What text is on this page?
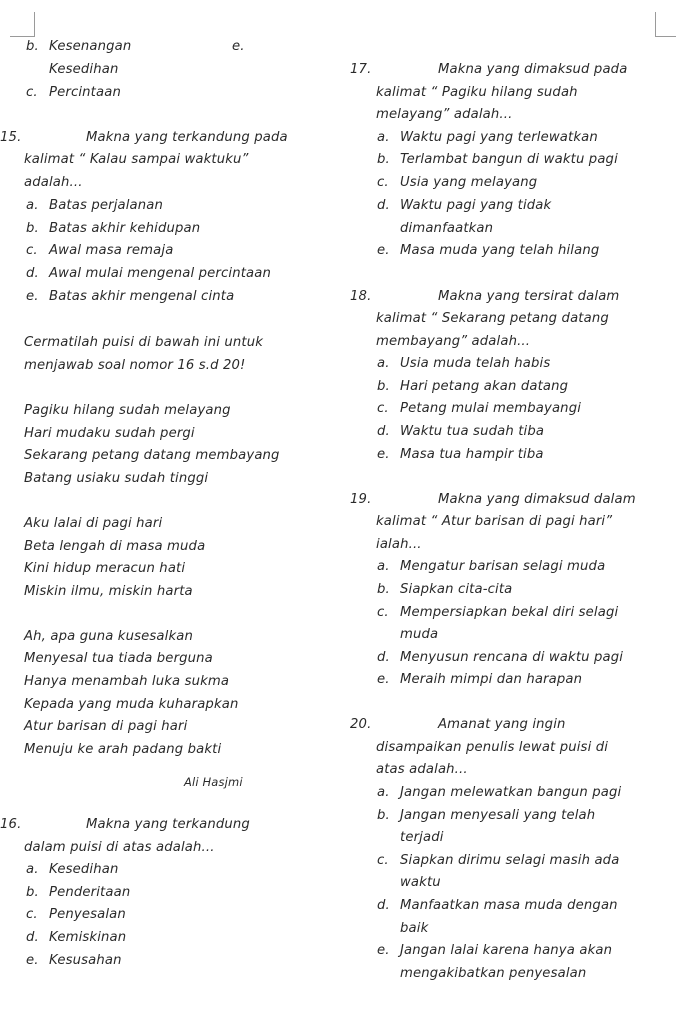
b. Kesenangan	e.
Kesedihan
c. Percintaan
15.	Makna yang terkandung pada
kalimat “ Kalau sampai waktuku”
adalah...
a. Batas perjalanan
b. Batas akhir kehidupan
c. Awal masa remaja
d. Awal mulai mengenal percintaan
e. Batas akhir mengenal cinta
Cermatilah puisi di bawah ini untuk
menjawab soal nomor 16 s.d 20!
Pagiku hilang sudah melayang
Hari mudaku sudah pergi
Sekarang petang datang membayang
Batang usiaku sudah tinggi
Aku lalai di pagi hari
Beta lengah di masa muda
Kini hidup meracun hati
Miskin ilmu, miskin harta
Ah, apa guna kusesalkan
Menyesal tua tiada berguna
Hanya menambah luka sukma
Kepada yang muda kuharapkan
Atur barisan di pagi hari
Menuju ke arah padang bakti
Ali Hasjmi
16.	Makna yang terkandung
dalam puisi di atas adalah...
a. Kesedihan
b. Penderitaan
c. Penyesalan
d. Kemiskinan
e. Kesusahan
17.	Makna yang dimaksud pada
kalimat “ Pagiku hilang sudah
melayang” adalah...
a. Waktu pagi yang terlewatkan
b. Terlambat bangun di waktu pagi
c. Usia yang melayang
d. Waktu pagi yang tidak
dimanfaatkan
e. Masa muda yang telah hilang
18.	Makna yang tersirat dalam
kalimat “ Sekarang petang datang
membayang” adalah...
a. Usia muda telah habis
b. Hari petang akan datang
c. Petang mulai membayangi
d. Waktu tua sudah tiba
e. Masa tua hampir tiba
19.	Makna yang dimaksud dalam
kalimat “ Atur barisan di pagi hari”
ialah...
a. Mengatur barisan selagi muda
b. Siapkan cita-cita
c. Mempersiapkan bekal diri selagi
muda
d. Menyusun rencana di waktu pagi
e. Meraih mimpi dan harapan
20.	Amanat yang ingin
disampaikan penulis lewat puisi di
atas adalah...
a. Jangan melewatkan bangun pagi
b. Jangan menyesali yang telah
terjadi
c. Siapkan dirimu selagi masih ada
waktu
d. Manfaatkan masa muda dengan
baik
e. Jangan lalai karena hanya akan
mengakibatkan penyesalan
